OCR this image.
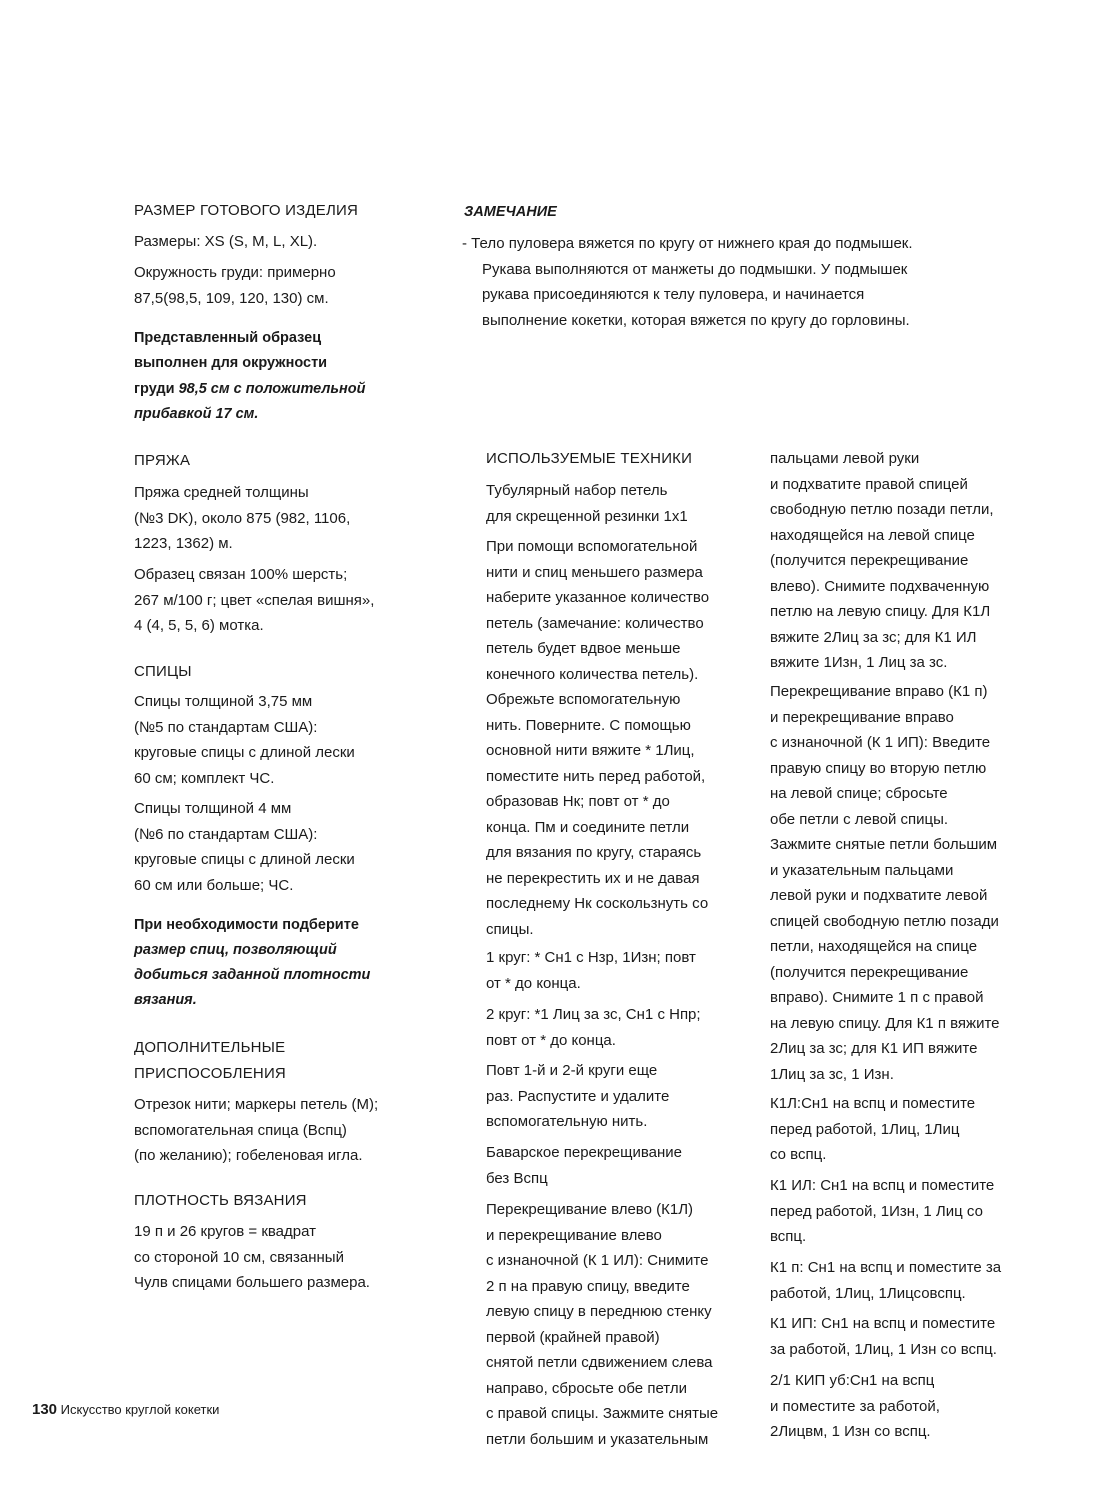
РАЗМЕР ГОТОВОГО ИЗДЕЛИЯ
Размеры: XS (S, M, L, XL).
Окружность груди: примерно
87,5(98,5, 109, 120, 130) см.
Представленный образец
выполнен для окружности
груди 98,5 см с положительной
прибавкой 17 см.
ПРЯЖА
Пряжа средней толщины
(№3 DK), около 875 (982, 1106,
1223, 1362) м.
Образец связан 100% шерсть;
267 м/100 г; цвет «спелая вишня»,
4 (4, 5, 5, 6) мотка.
СПИЦЫ
Спицы толщиной 3,75 мм
(№5 по стандартам США):
круговые спицы с длиной лески
60 см; комплект ЧС.
Спицы толщиной 4 мм
(№6 по стандартам США):
круговые спицы с длиной лески
60 см или больше; ЧС.
При необходимости подберите
размер спиц, позволяющий
добиться заданной плотности
вязания.
ДОПОЛНИТЕЛЬНЫЕ
ПРИСПОСОБЛЕНИЯ
Отрезок нити; маркеры петель (М);
вспомогательная спица (Вспц)
(по желанию); гобеленовая игла.
ПЛОТНОСТЬ ВЯЗАНИЯ
19 п и 26 кругов = квадрат
со стороной 10 см, связанный
Чулв спицами большего размера.
ЗАМЕЧАНИЕ
- Тело пуловера вяжется по кругу от нижнего края до подмышек.
Рукава выполняются от манжеты до подмышки. У подмышек
рукава присоединяются к телу пуловера, и начинается
выполнение кокетки, которая вяжется по кругу до горловины.
ИСПОЛЬЗУЕМЫЕ ТЕХНИКИ
Тубулярный набор петель
для скрещенной резинки 1х1
При помощи вспомогательной
нити и спиц меньшего размера
наберите указанное количество
петель (замечание: количество
петель будет вдвое меньше
конечного количества петель).
Обрежьте вспомогательную
нить. Поверните. С помощью
основной нити вяжите * 1Лиц,
поместите нить перед работой,
образовав Нк; повт от * до
конца. Пм и соедините петли
для вязания по кругу, стараясь
не перекрестить их и не давая
последнему Нк соскользнуть со
спицы.
1 круг: * Сн1 с Нзр, 1Изн; повт
от * до конца.
2 круг: *1 Лиц за зс, Сн1 с Нпр;
повт от * до конца.
Повт 1-й и 2-й круги еще
раз. Распустите и удалите
вспомогательную нить.
Баварское перекрещивание
без Вспц
Перекрещивание влево (К1Л)
и перекрещивание влево
с изнаночной (К 1 ИЛ): Снимите
2 п на правую спицу, введите
левую спицу в переднюю стенку
первой (крайней правой)
снятой петли сдвижением слева
направо, сбросьте обе петли
с правой спицы. Зажмите снятые
петли большим и указательным
пальцами левой руки
и подхватите правой спицей
свободную петлю позади петли,
находящейся на левой спице
(получится перекрещивание
влево). Снимите подхваченную
петлю на левую спицу. Для К1Л
вяжите 2Лиц за зс; для К1 ИЛ
вяжите 1Изн, 1 Лиц за зс.
Перекрещивание вправо (К1 п)
и перекрещивание вправо
с изнаночной (К 1 ИП): Введите
правую спицу во вторую петлю
на левой спице; сбросьте
обе петли с левой спицы.
Зажмите снятые петли большим
и указательным пальцами
левой руки и подхватите левой
спицей свободную петлю позади
петли, находящейся на спице
(получится перекрещивание
вправо). Снимите 1 п с правой
на левую спицу. Для К1 п вяжите
2Лиц за зс; для К1 ИП вяжите
1Лиц за зс, 1 Изн.
К1Л:Сн1 на вспц и поместите
перед работой, 1Лиц, 1Лиц
со вспц.
К1 ИЛ: Сн1 на вспц и поместите
перед работой, 1Изн, 1 Лиц со
вспц.
К1 п: Сн1 на вспц и поместите за
работой, 1Лиц, 1Лицсовспц.
К1 ИП: Сн1 на вспц и поместите
за работой, 1Лиц, 1 Изн со вспц.
2/1 КИП уб:Сн1 на вспц
и поместите за работой,
2Лицвм, 1 Изн со вспц.
130 Искусство круглой кокетки
